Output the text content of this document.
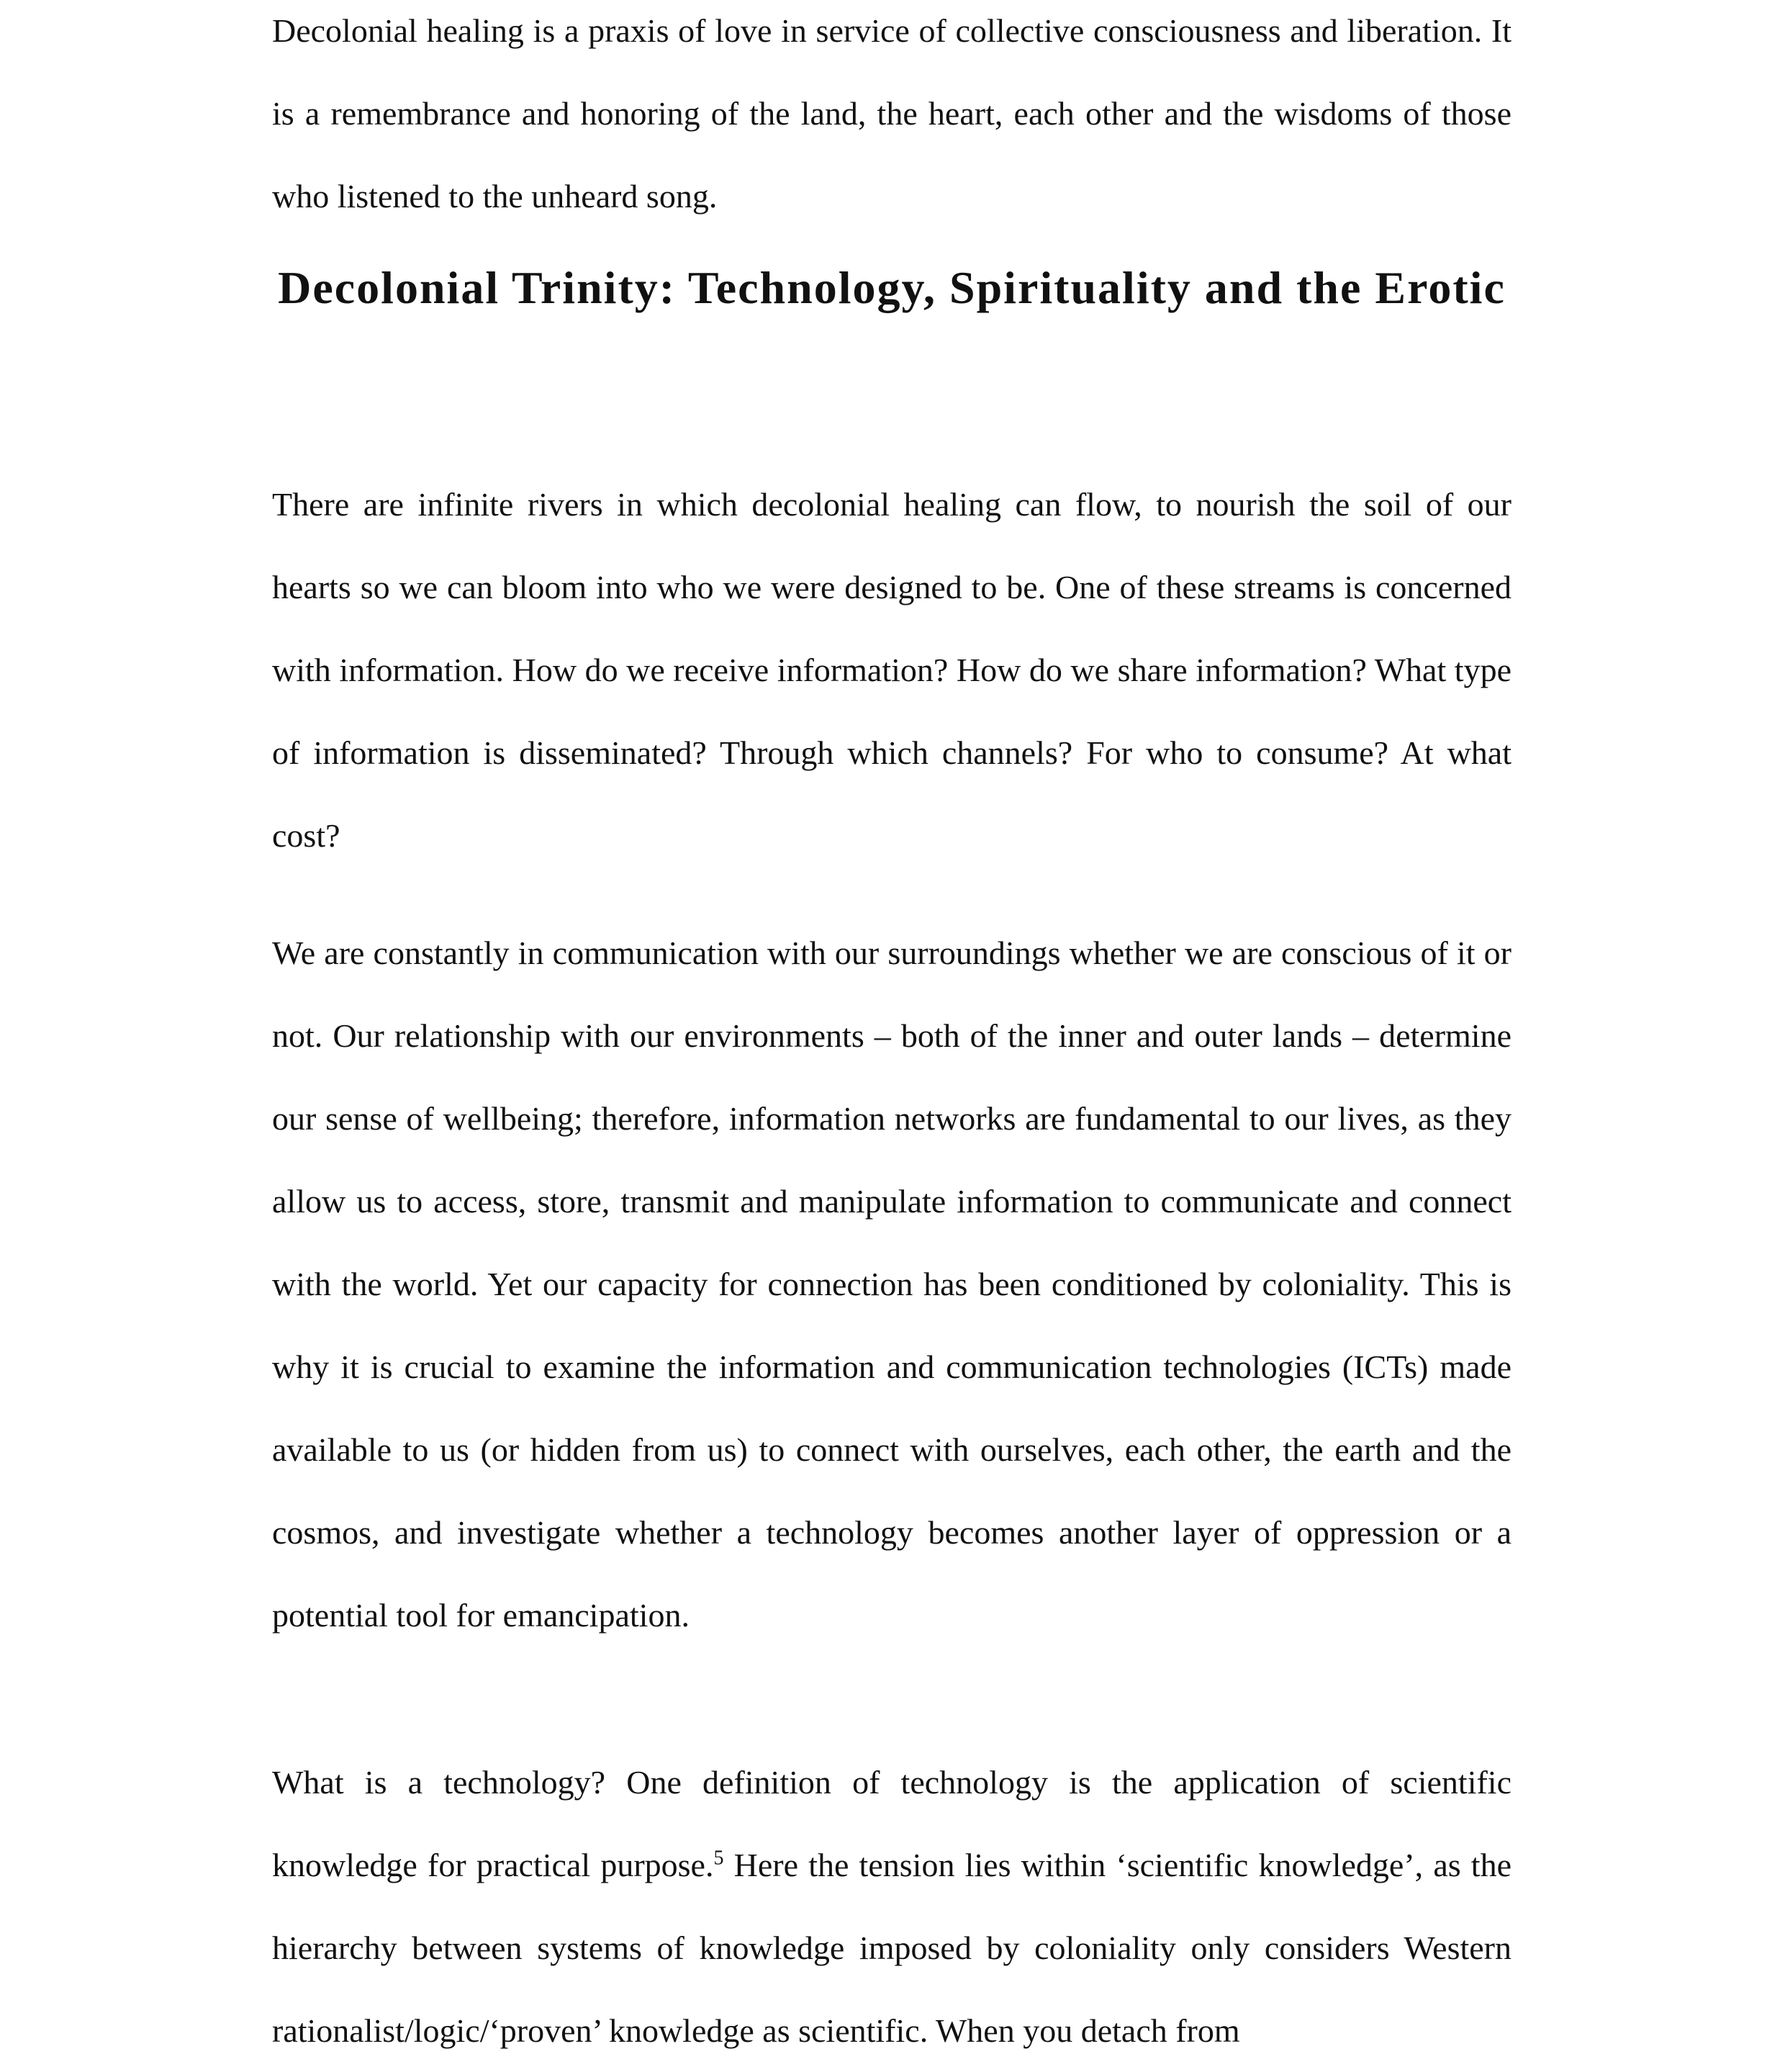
Decolonial healing is a praxis of love in service of collective consciousness and liberation. It is a remembrance and honoring of the land, the heart, each other and the wisdoms of those who listened to the unheard song.

Decolonial Trinity: Technology, Spirituality and the Erotic

There are infinite rivers in which decolonial healing can flow, to nourish the soil of our hearts so we can bloom into who we were designed to be. One of these streams is concerned with information. How do we receive information? How do we share information? What type of information is disseminated? Through which channels? For who to consume? At what cost?

We are constantly in communication with our surroundings whether we are conscious of it or not. Our relationship with our environments – both of the inner and outer lands – determine our sense of wellbeing; therefore, information networks are fundamental to our lives, as they allow us to access, store, transmit and manipulate information to communicate and connect with the world. Yet our capacity for connection has been conditioned by coloniality. This is why it is crucial to examine the information and communication technologies (ICTs) made available to us (or hidden from us) to connect with ourselves, each other, the earth and the cosmos, and investigate whether a technology becomes another layer of oppression or a potential tool for emancipation.

What is a technology? One definition of technology is the application of scientific knowledge for practical purpose.$^5$ Here the tension lies within ‘scientific knowledge’, as the hierarchy between systems of knowledge imposed by coloniality only considers Western rationalist/logic/‘proven’ knowledge as scientific. When you detach from
